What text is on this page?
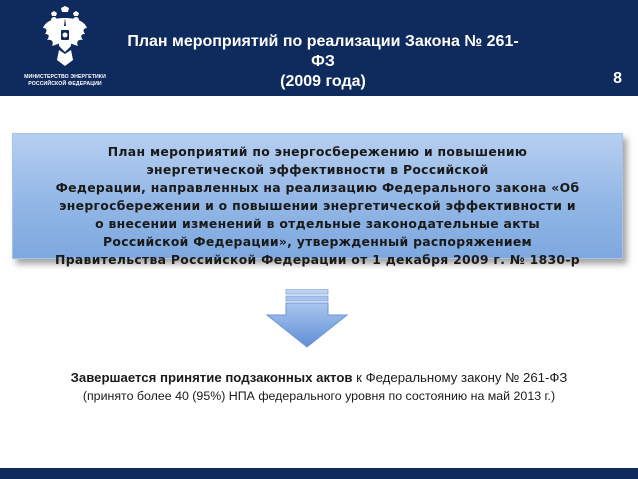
МИНИСТЕРСТВО ЭНЕРГЕТИКИ
РОССИЙСКОЙ ФЕДЕРАЦИИ
План мероприятий по реализации Закона № 261-ФЗ
(2009 года)	8
План мероприятий по энергосбережению и повышению
энергетической эффективности в Российской
Федерации, направленных на реализацию Федерального закона «Об
энергосбережении и о повышении энергетической эффективности и
о внесении изменений в отдельные законодательные акты
Российской Федерации», утвержденный распоряжением
Правительства Российской Федерации от 1 декабря 2009 г. № 1830-р
Завершается принятие подзаконных актов к Федеральному закону № 261-ФЗ
(принято более 40 (95%) НПА федерального уровня по состоянию на май 2013 г.)
